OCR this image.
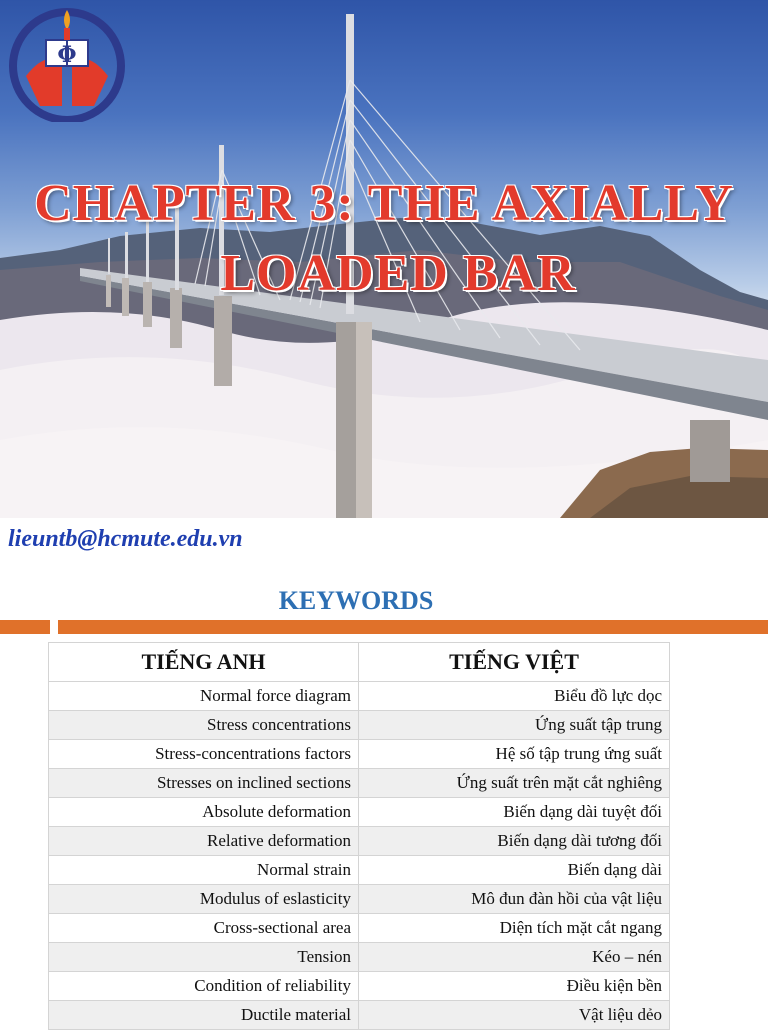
Φ
CHAPTER 3: THE AXIALLY
LOADED BAR
lieuntb@hcmute.edu.vn
KEYWORDS
TIẾNG ANH	TIẾNG VIỆT
Normal force diagram	Biểu đồ lực dọc
Stress concentrations	Ứng suất tập trung
Stress-concentrations factors	Hệ số tập trung ứng suất
Stresses on inclined sections	Ứng suất trên mặt cắt nghiêng
Absolute deformation	Biến dạng dài tuyệt đối
Relative deformation	Biến dạng dài tương đối
Normal strain	Biến dạng dài
Modulus of eslasticity	Mô đun đàn hồi của vật liệu
Cross-sectional area	Diện tích mặt cắt ngang
Tension	Kéo – nén
Condition of reliability	Điều kiện bền
Ductile material	Vật liệu dẻo
